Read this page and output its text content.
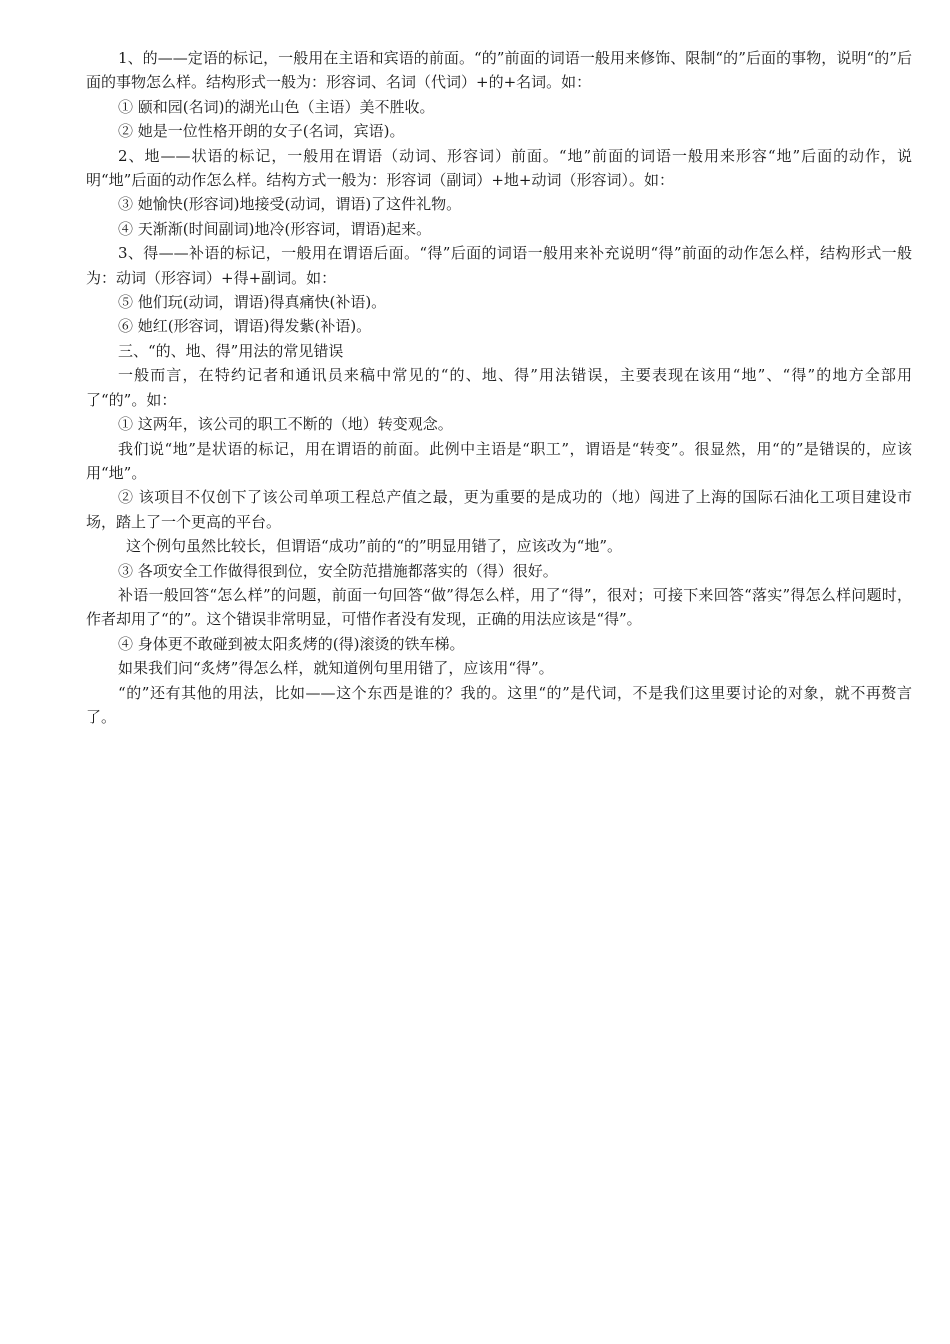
1、的——定语的标记，一般用在主语和宾语的前面。“的”前面的词语一般用来修饰、限制“的”后面的事物，说明“的”后面的事物怎么样。结构形式一般为：形容词、名词（代词）+的+名词。如：

① 颐和园(名词)的湖光山色（主语）美不胜收。

② 她是一位性格开朗的女子(名词，宾语)。

2、地——状语的标记，一般用在谓语（动词、形容词）前面。“地”前面的词语一般用来形容“地”后面的动作，说明“地”后面的动作怎么样。结构方式一般为：形容词（副词）+地+动词（形容词）。如：

③ 她愉快(形容词)地接受(动词，谓语)了这件礼物。

④ 天渐渐(时间副词)地冷(形容词，谓语)起来。

3、得——补语的标记，一般用在谓语后面。“得”后面的词语一般用来补充说明“得”前面的动作怎么样，结构形式一般为：动词（形容词）+得+副词。如：

⑤ 他们玩(动词，谓语)得真痛快(补语)。

⑥ 她红(形容词，谓语)得发紫(补语)。

三、“的、地、得”用法的常见错误

一般而言，在特约记者和通讯员来稿中常见的“的、地、得”用法错误，主要表现在该用“地”、“得”的地方全部用了“的”。如：

① 这两年，该公司的职工不断的（地）转变观念。

我们说“地”是状语的标记，用在谓语的前面。此例中主语是“职工”，谓语是“转变”。很显然，用“的”是错误的，应该用“地”。

② 该项目不仅创下了该公司单项工程总产值之最，更为重要的是成功的（地）闯进了上海的国际石油化工项目建设市场，踏上了一个更高的平台。

这个例句虽然比较长，但谓语“成功”前的“的”明显用错了，应该改为“地”。

③ 各项安全工作做得很到位，安全防范措施都落实的（得）很好。

补语一般回答“怎么样”的问题，前面一句回答“做”得怎么样，用了“得”，很对；可接下来回答“落实”得怎么样问题时，作者却用了“的”。这个错误非常明显，可惜作者没有发现，正确的用法应该是“得”。

④ 身体更不敢碰到被太阳炙烤的(得)滚烫的铁车梯。

如果我们问“炙烤”得怎么样，就知道例句里用错了，应该用“得”。

“的”还有其他的用法，比如——这个东西是谁的？我的。这里“的”是代词，不是我们这里要讨论的对象，就不再赘言了。
